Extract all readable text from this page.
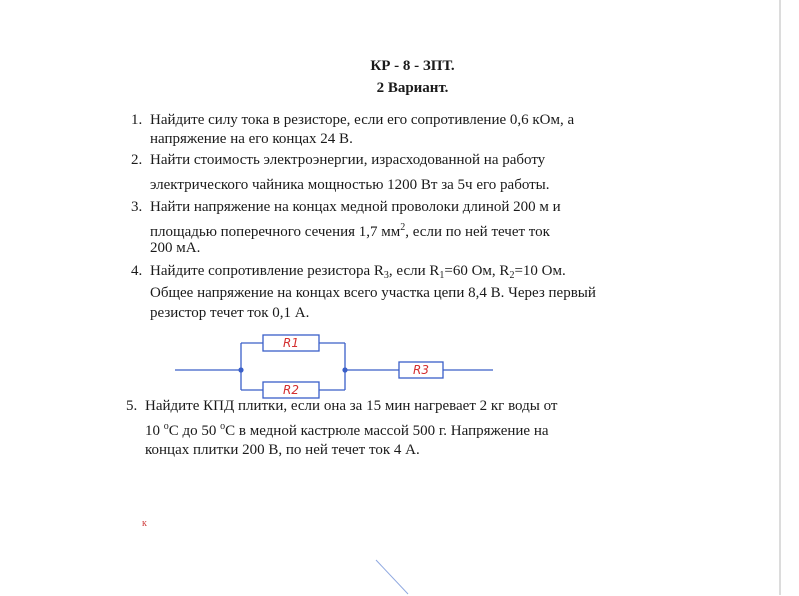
КР - 8 - ЗПТ.
2 Вариант.
1. Найдите силу тока в резисторе, если его сопротивление 0,6 кОм, а
напряжение на его концах 24 В.
2. Найти стоимость электроэнергии, израсходованной на работу
электрического чайника мощностью 1200 Вт за 5ч его работы.
3. Найти напряжение на концах медной проволоки длиной 200 м и
площадью поперечного сечения 1,7 $мм^2$, если по ней течет ток
200 мА.
4. Найдите сопротивление резистора $R_3$, если $R_1=60$ Ом, $R_2=10$ Ом.
Общее напряжение на концах всего участка цепи 8,4 В. Через первый
резистор течет ток 0,1 А.
R1
R2
R3
5. Найдите КПД плитки, если она за 15 мин нагревает 2 кг воды от
10 $^о$С до 50 $^о$С в медной кастрюле массой 500 г. Напряжение на
концах плитки 200 В, по ней течет ток 4 А.
к
